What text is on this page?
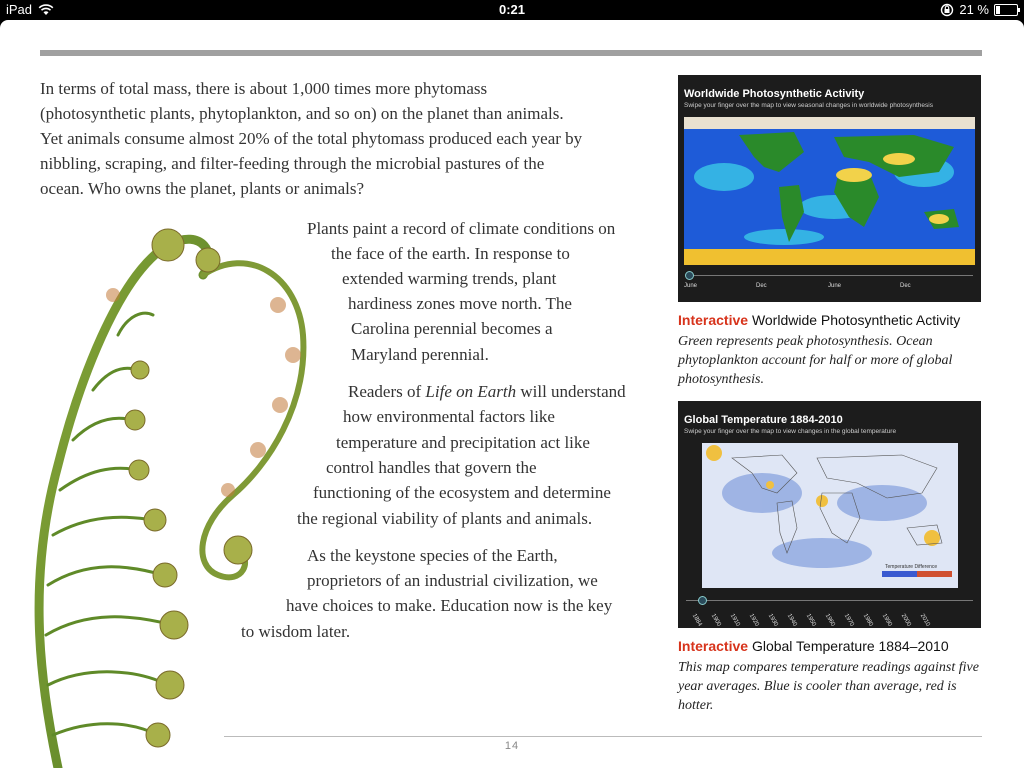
iPad	0:21	21 %
In terms of total mass, there is about 1,000 times more phytomass
(photosynthetic plants, phytoplankton, and so on) on the planet than animals.
Yet animals consume almost 20% of the total phytomass produced each year by
nibbling, scraping, and filter-feeding through the microbial pastures of the
ocean. Who owns the planet, plants or animals?
Plants paint a record of climate conditions on
the face of the earth. In response to
extended warming trends, plant
hardiness zones move north. The
Carolina perennial becomes a
Maryland perennial.
Readers of Life on Earth will understand
how environmental factors like
temperature and precipitation act like
control handles that govern the
functioning of the ecosystem and determine
the regional viability of plants and animals.
As the keystone species of the Earth,
proprietors of an industrial civilization, we
have choices to make. Education now is the key
to wisdom later.
Worldwide Photosynthetic Activity
Swipe your finger over the map to view seasonal changes in worldwide photosynthesis
June	Dec	June	Dec
Interactive Worldwide Photosynthetic Activity
Green represents peak photosynthesis. Ocean phytoplankton account for half or more of global photosynthesis.
Global Temperature 1884-2010
Swipe your finger over the map to view changes in the global temperature
Temperature Difference
1884 1900 1910 1920 1930 1940 1950 1960 1970 1980 1990 2000 2010
Interactive Global Temperature 1884–2010
This map compares temperature readings against five year averages. Blue is cooler than average, red is hotter.
14
